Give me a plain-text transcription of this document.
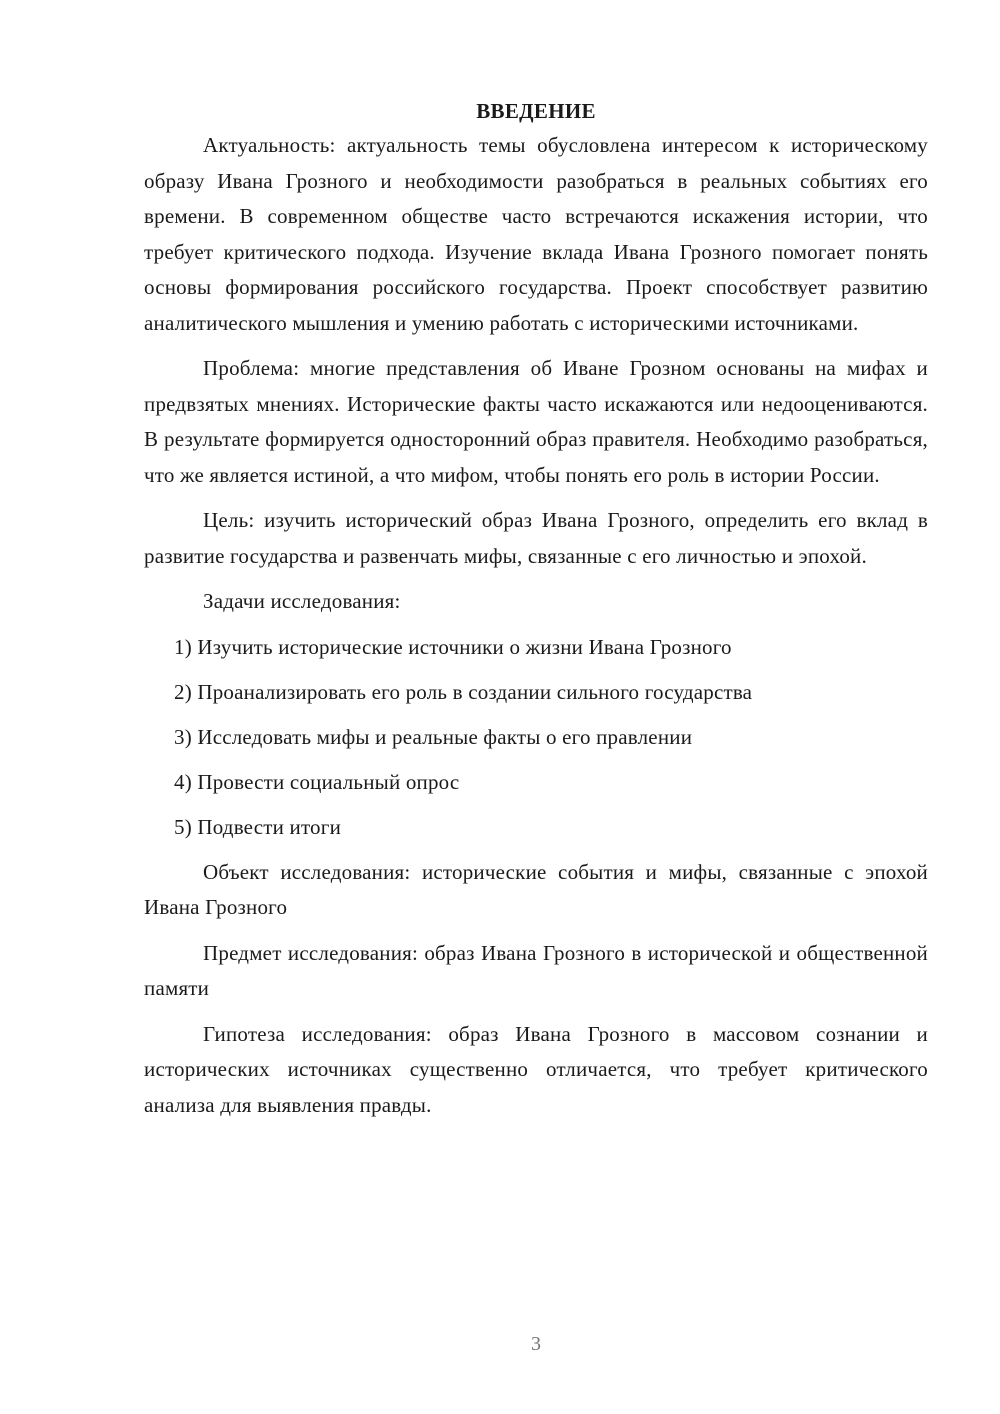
ВВЕДЕНИЕ

Актуальность: актуальность темы обусловлена интересом к историческому образу Ивана Грозного и необходимости разобраться в реальных событиях его времени. В современном обществе часто встречаются искажения истории, что требует критического подхода. Изучение вклада Ивана Грозного помогает понять основы формирования российского государства. Проект способствует развитию аналитического мышления и умению работать с историческими источниками.

Проблема: многие представления об Иване Грозном основаны на мифах и предвзятых мнениях. Исторические факты часто искажаются или недооцениваются. В результате формируется односторонний образ правителя. Необходимо разобраться, что же является истиной, а что мифом, чтобы понять его роль в истории России.

Цель: изучить исторический образ Ивана Грозного, определить его вклад в развитие государства и развенчать мифы, связанные с его личностью и эпохой.

Задачи исследования:

1) Изучить исторические источники о жизни Ивана Грозного
2) Проанализировать его роль в создании сильного государства
3) Исследовать мифы и реальные факты о его правлении
4) Провести социальный опрос
5) Подвести итоги

Объект исследования: исторические события и мифы, связанные с эпохой Ивана Грозного

Предмет исследования: образ Ивана Грозного в исторической и общественной памяти

Гипотеза исследования: образ Ивана Грозного в массовом сознании и исторических источниках существенно отличается, что требует критического анализа для выявления правды.

3
